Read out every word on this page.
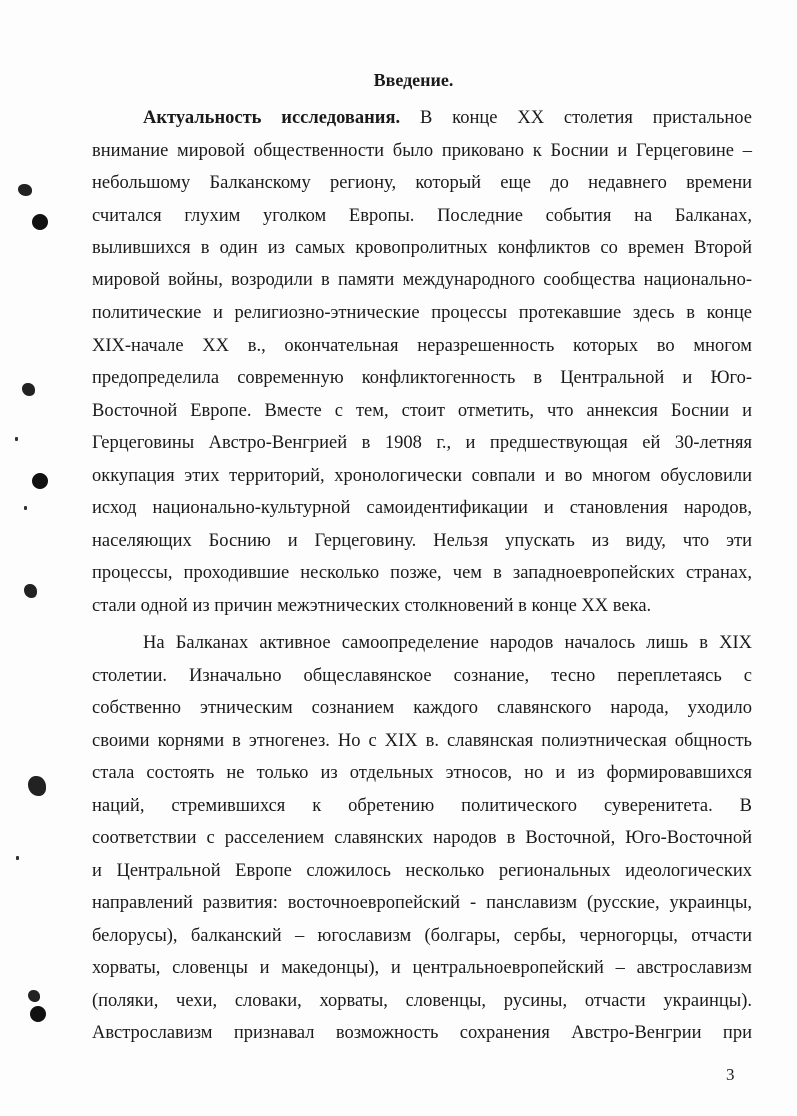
Введение.
Актуальность исследования. В конце XX столетия пристальное
внимание мировой общественности было приковано к Боснии и Герцеговине –
небольшому Балканскому региону, который еще до недавнего времени
считался глухим уголком Европы. Последние события на Балканах,
вылившихся в один из самых кровопролитных конфликтов со времен Второй
мировой войны, возродили в памяти международного сообщества национально-
политические и религиозно-этнические процессы протекавшие здесь в конце
XIX-начале XX в., окончательная неразрешенность которых во многом
предопределила современную конфликтогенность в Центральной и Юго-
Восточной Европе. Вместе с тем, стоит отметить, что аннексия Боснии и
Герцеговины Австро-Венгрией в 1908 г., и предшествующая ей 30-летняя
оккупация этих территорий, хронологически совпали и во многом обусловили
исход национально-культурной самоидентификации и становления народов,
населяющих Боснию и Герцеговину. Нельзя упускать из виду, что эти
процессы, проходившие несколько позже, чем в западноевропейских странах,
стали одной из причин межэтнических столкновений в конце XX века.
На Балканах активное самоопределение народов началось лишь в XIX
столетии. Изначально общеславянское сознание, тесно переплетаясь с
собственно этническим сознанием каждого славянского народа, уходило
своими корнями в этногенез. Но с XIX в. славянская полиэтническая общность
стала состоять не только из отдельных этносов, но и из формировавшихся
наций, стремившихся к обретению политического суверенитета. В
соответствии с расселением славянских народов в Восточной, Юго-Восточной
и Центральной Европе сложилось несколько региональных идеологических
направлений развития: восточноевропейский - панславизм (русские, украинцы,
белорусы), балканский – югославизм (болгары, сербы, черногорцы, отчасти
хорваты, словенцы и македонцы), и центральноевропейский – австрославизм
(поляки, чехи, словаки, хорваты, словенцы, русины, отчасти украинцы).
Австрославизм признавал возможность сохранения Австро-Венгрии при
3
